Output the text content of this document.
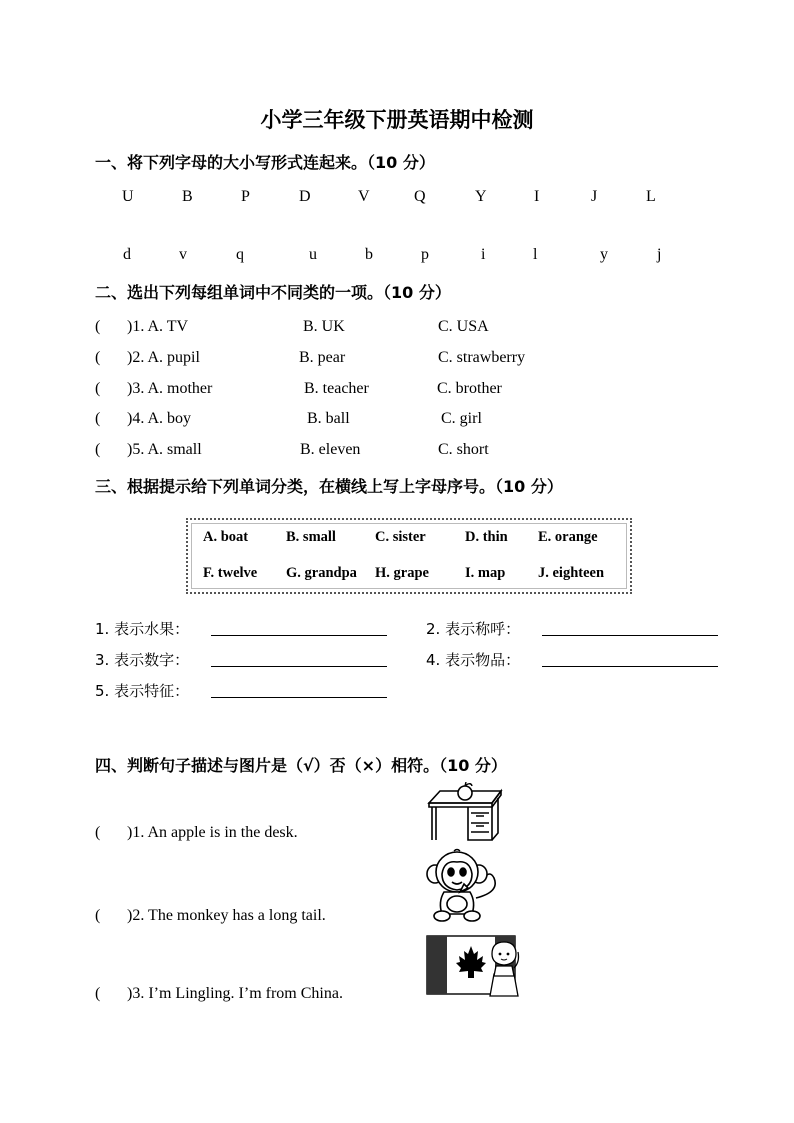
小学三年级下册英语期中检测
一、将下列字母的大小写形式连起来。（10 分）
U	B	P	D	V	Q	Y	I	J	L
d	v	q	u	b	p	i	l	y	j
二、选出下列每组单词中不同类的一项。（10 分）
( )1. A. TV	B. UK	C. USA
( )2. A. pupil	B. pear	C. strawberry
( )3. A. mother	B. teacher	C. brother
( )4. A. boy	B. ball	C. girl
( )5. A. small	B. eleven	C. short
三、根据提示给下列单词分类，在横线上写上字母序号。（10 分）
A. boat	B. small	C. sister	D. thin E. orange
F. twelve G. grandpa H. grape I. map J. eighteen
1. 表示水果：	2. 表示称呼：
3. 表示数字：	4. 表示物品：
5. 表示特征：
四、判断句子描述与图片是（√）否（×）相符。（10 分）
( )1. An apple is in the desk.
( )2. The monkey has a long tail.
( )3. I’m Lingling. I’m from China.
